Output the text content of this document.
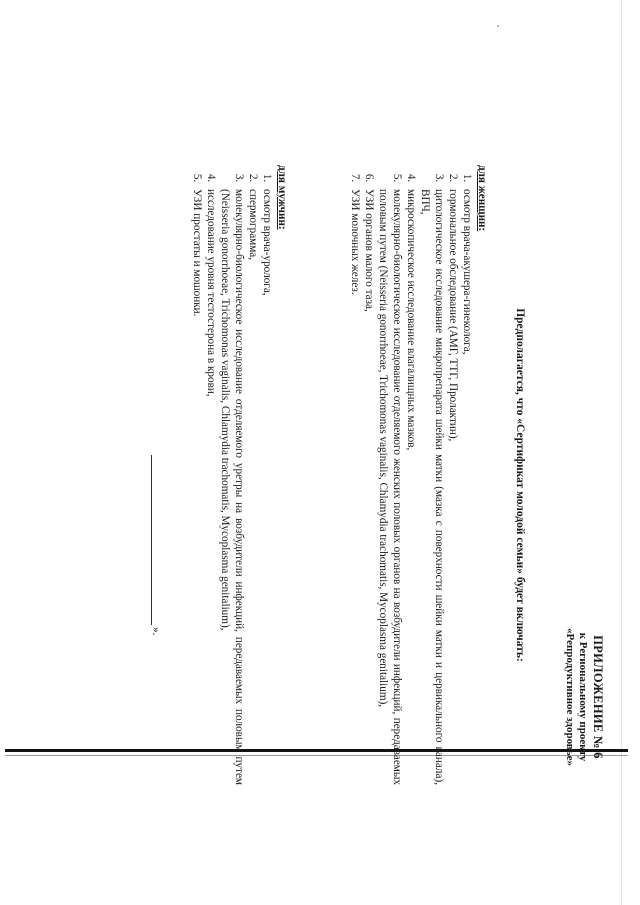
ПРИЛОЖЕНИЕ № 6
к Региональному проекту
«Репродуктивное здоровье»
Предполагается, что «Сертификат молодой семьи» будет включать:
для женщин:
1. осмотр врача-акушера-гинеколога,
2. гормональное обследование (АМГ, ТТГ, Пролактин),
3. цитологическое исследование микропрепарата шейки матки (мазка с поверхности шейки матки и цервикального канала), ВПЧ,
4. микроскопическое исследование влагалищных мазков,
5. молекулярно-биологическое исследование отделяемого женских половых органов на возбудители инфекций, передаваемых половым путем (Neisseria gonorrhoeae, Trichomonas vaginalis, Chlamydia trachomatis, Mycoplasma genitalium),
6. УЗИ органов малого таза,
7. УЗИ молочных желез.
для мужчин:
1. осмотр врача-уролога,
2. спермограмма,
3. молекулярно-биологическое исследование отделяемого уретры на возбудители инфекций, передаваемых половым путем (Neisseria gonorrhoeae, Trichomonas vaginalis, Chlamydia trachomatis, Mycoplasma genitalium),
4. исследование уровня тестостерона в крови,
5. УЗИ простаты и мошонки.
».
